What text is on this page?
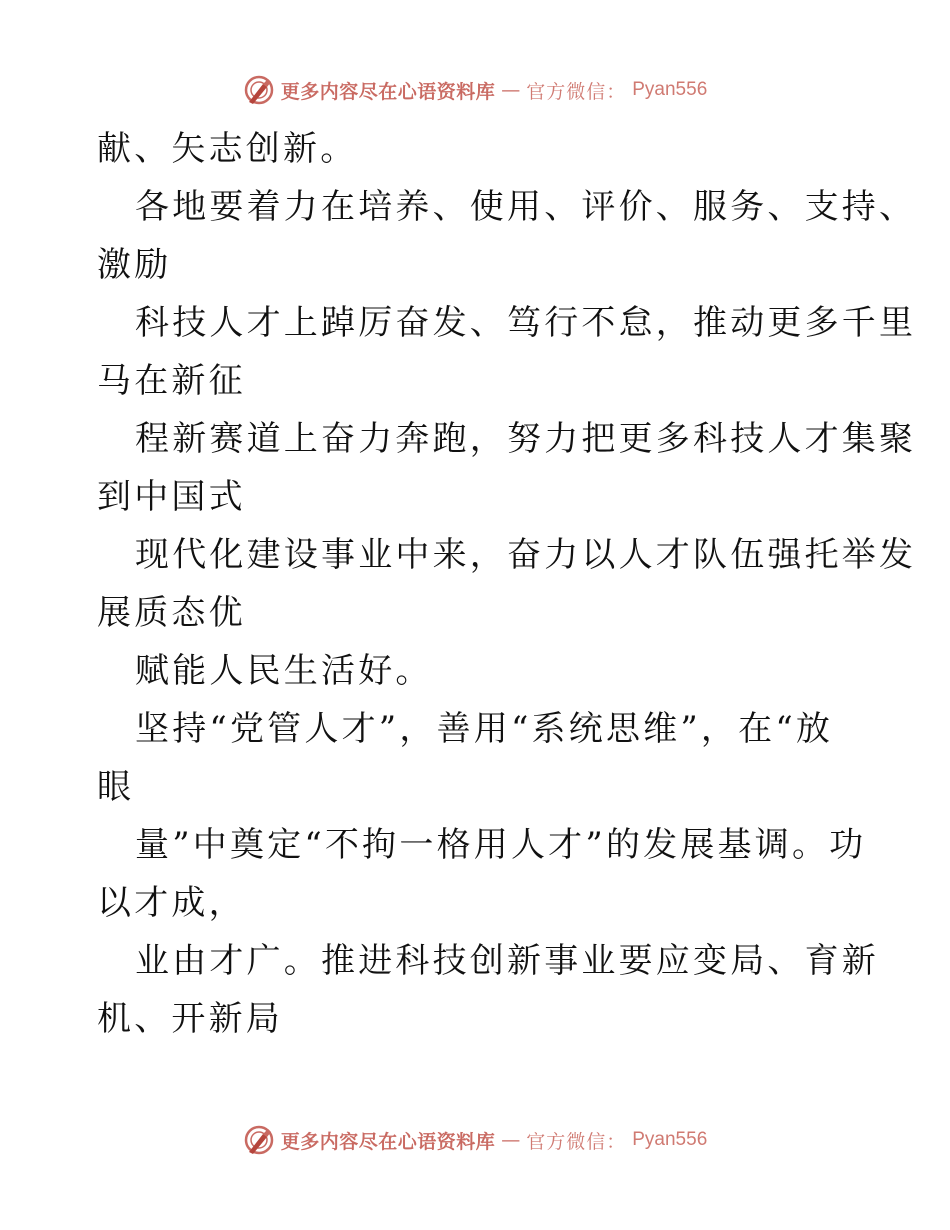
更多内容尽在心语资料库 — 官方微信： Pyan556
献、矢志创新。
各地要着力在培养、使用、评价、服务、支持、
激励
科技人才上踔厉奋发、笃行不怠，推动更多千里
马在新征
程新赛道上奋力奔跑，努力把更多科技人才集聚
到中国式
现代化建设事业中来，奋力以人才队伍强托举发
展质态优
赋能人民生活好。
坚持“党管人才”，善用“系统思维”，在“放
眼
量”中奠定“不拘一格用人才”的发展基调。功
以才成，
业由才广。推进科技创新事业要应变局、育新
机、开新局
更多内容尽在心语资料库 — 官方微信： Pyan556
